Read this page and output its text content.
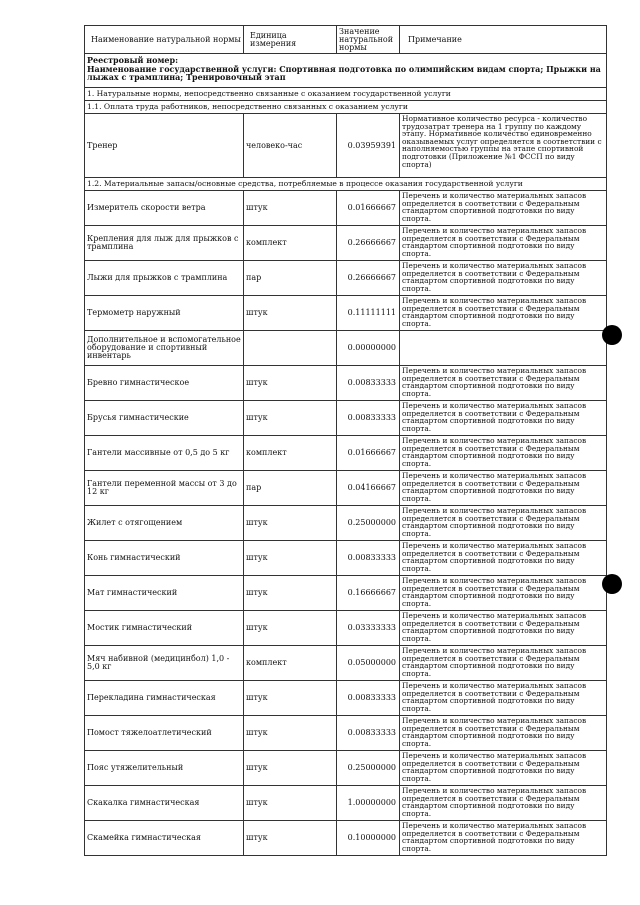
Наименование натуральной нормы	Единица измерения	Значение натуральной нормы	Примечание

Реестровый номер:
Наименование государственной услуги: Спортивная подготовка по олимпийским видам спорта; Прыжки на лыжах с трамплина; Тренировочный этап			

1. Натуральные нормы, непосредственно связанные с оказанием государственной услуги			
1.1. Оплата труда работников, непосредственно связанных с оказанием услуги			
Тренер	человеко-час	0.03959391	Нормативное количество ресурса - количество трудозатрат тренера на 1 группу по каждому этапу. Нормативное количество единовременно оказываемых услуг определяется в соответствии с наполняемостью группы на этапе спортивной подготовки (Приложение №1 ФССП по виду спорта)
1.2. Материальные запасы/основные средства, потребляемые в процессе оказания государственной услуги			
Измеритель скорости ветра	штук	0.01666667	Перечень и количество материальных запасов определяется в соответствии с Федеральным стандартом спортивной подготовки по виду спорта.
Крепления для лыж для прыжков с трамплина	комплект	0.26666667	Перечень и количество материальных запасов определяется в соответствии с Федеральным стандартом спортивной подготовки по виду спорта.
Лыжи для прыжков с трамплина	пар	0.26666667	Перечень и количество материальных запасов определяется в соответствии с Федеральным стандартом спортивной подготовки по виду спорта.
Термометр наружный	штук	0.11111111	Перечень и количество материальных запасов определяется в соответствии с Федеральным стандартом спортивной подготовки по виду спорта.
Дополнительное и вспомогательное оборудование и спортивный инвентарь		0.00000000	
Бревно гимнастическое	штук	0.00833333	Перечень и количество материальных запасов определяется в соответствии с Федеральным стандартом спортивной подготовки по виду спорта.
Брусья гимнастические	штук	0.00833333	Перечень и количество материальных запасов определяется в соответствии с Федеральным стандартом спортивной подготовки по виду спорта.
Гантели массивные от 0,5 до 5 кг	комплект	0.01666667	Перечень и количество материальных запасов определяется в соответствии с Федеральным стандартом спортивной подготовки по виду спорта.
Гантели переменной массы от 3 до 12 кг	пар	0.04166667	Перечень и количество материальных запасов определяется в соответствии с Федеральным стандартом спортивной подготовки по виду спорта.
Жилет с отягощением	штук	0.25000000	Перечень и количество материальных запасов определяется в соответствии с Федеральным стандартом спортивной подготовки по виду спорта.
Конь гимнастический	штук	0.00833333	Перечень и количество материальных запасов определяется в соответствии с Федеральным стандартом спортивной подготовки по виду спорта.
Мат гимнастический	штук	0.16666667	Перечень и количество материальных запасов определяется в соответствии с Федеральным стандартом спортивной подготовки по виду спорта.
Мостик гимнастический	штук	0.03333333	Перечень и количество материальных запасов определяется в соответствии с Федеральным стандартом спортивной подготовки по виду спорта.
Мяч набивной (медицинбол) 1,0 - 5,0 кг	комплект	0.05000000	Перечень и количество материальных запасов определяется в соответствии с Федеральным стандартом спортивной подготовки по виду спорта.
Перекладина гимнастическая	штук	0.00833333	Перечень и количество материальных запасов определяется в соответствии с Федеральным стандартом спортивной подготовки по виду спорта.
Помост тяжелоатлетический	штук	0.00833333	Перечень и количество материальных запасов определяется в соответствии с Федеральным стандартом спортивной подготовки по виду спорта.
Пояс утяжелительный	штук	0.25000000	Перечень и количество материальных запасов определяется в соответствии с Федеральным стандартом спортивной подготовки по виду спорта.
Скакалка гимнастическая	штук	1.00000000	Перечень и количество материальных запасов определяется в соответствии с Федеральным стандартом спортивной подготовки по виду спорта.
Скамейка гимнастическая	штук	0.10000000	Перечень и количество материальных запасов определяется в соответствии с Федеральным стандартом спортивной подготовки по виду спорта.
